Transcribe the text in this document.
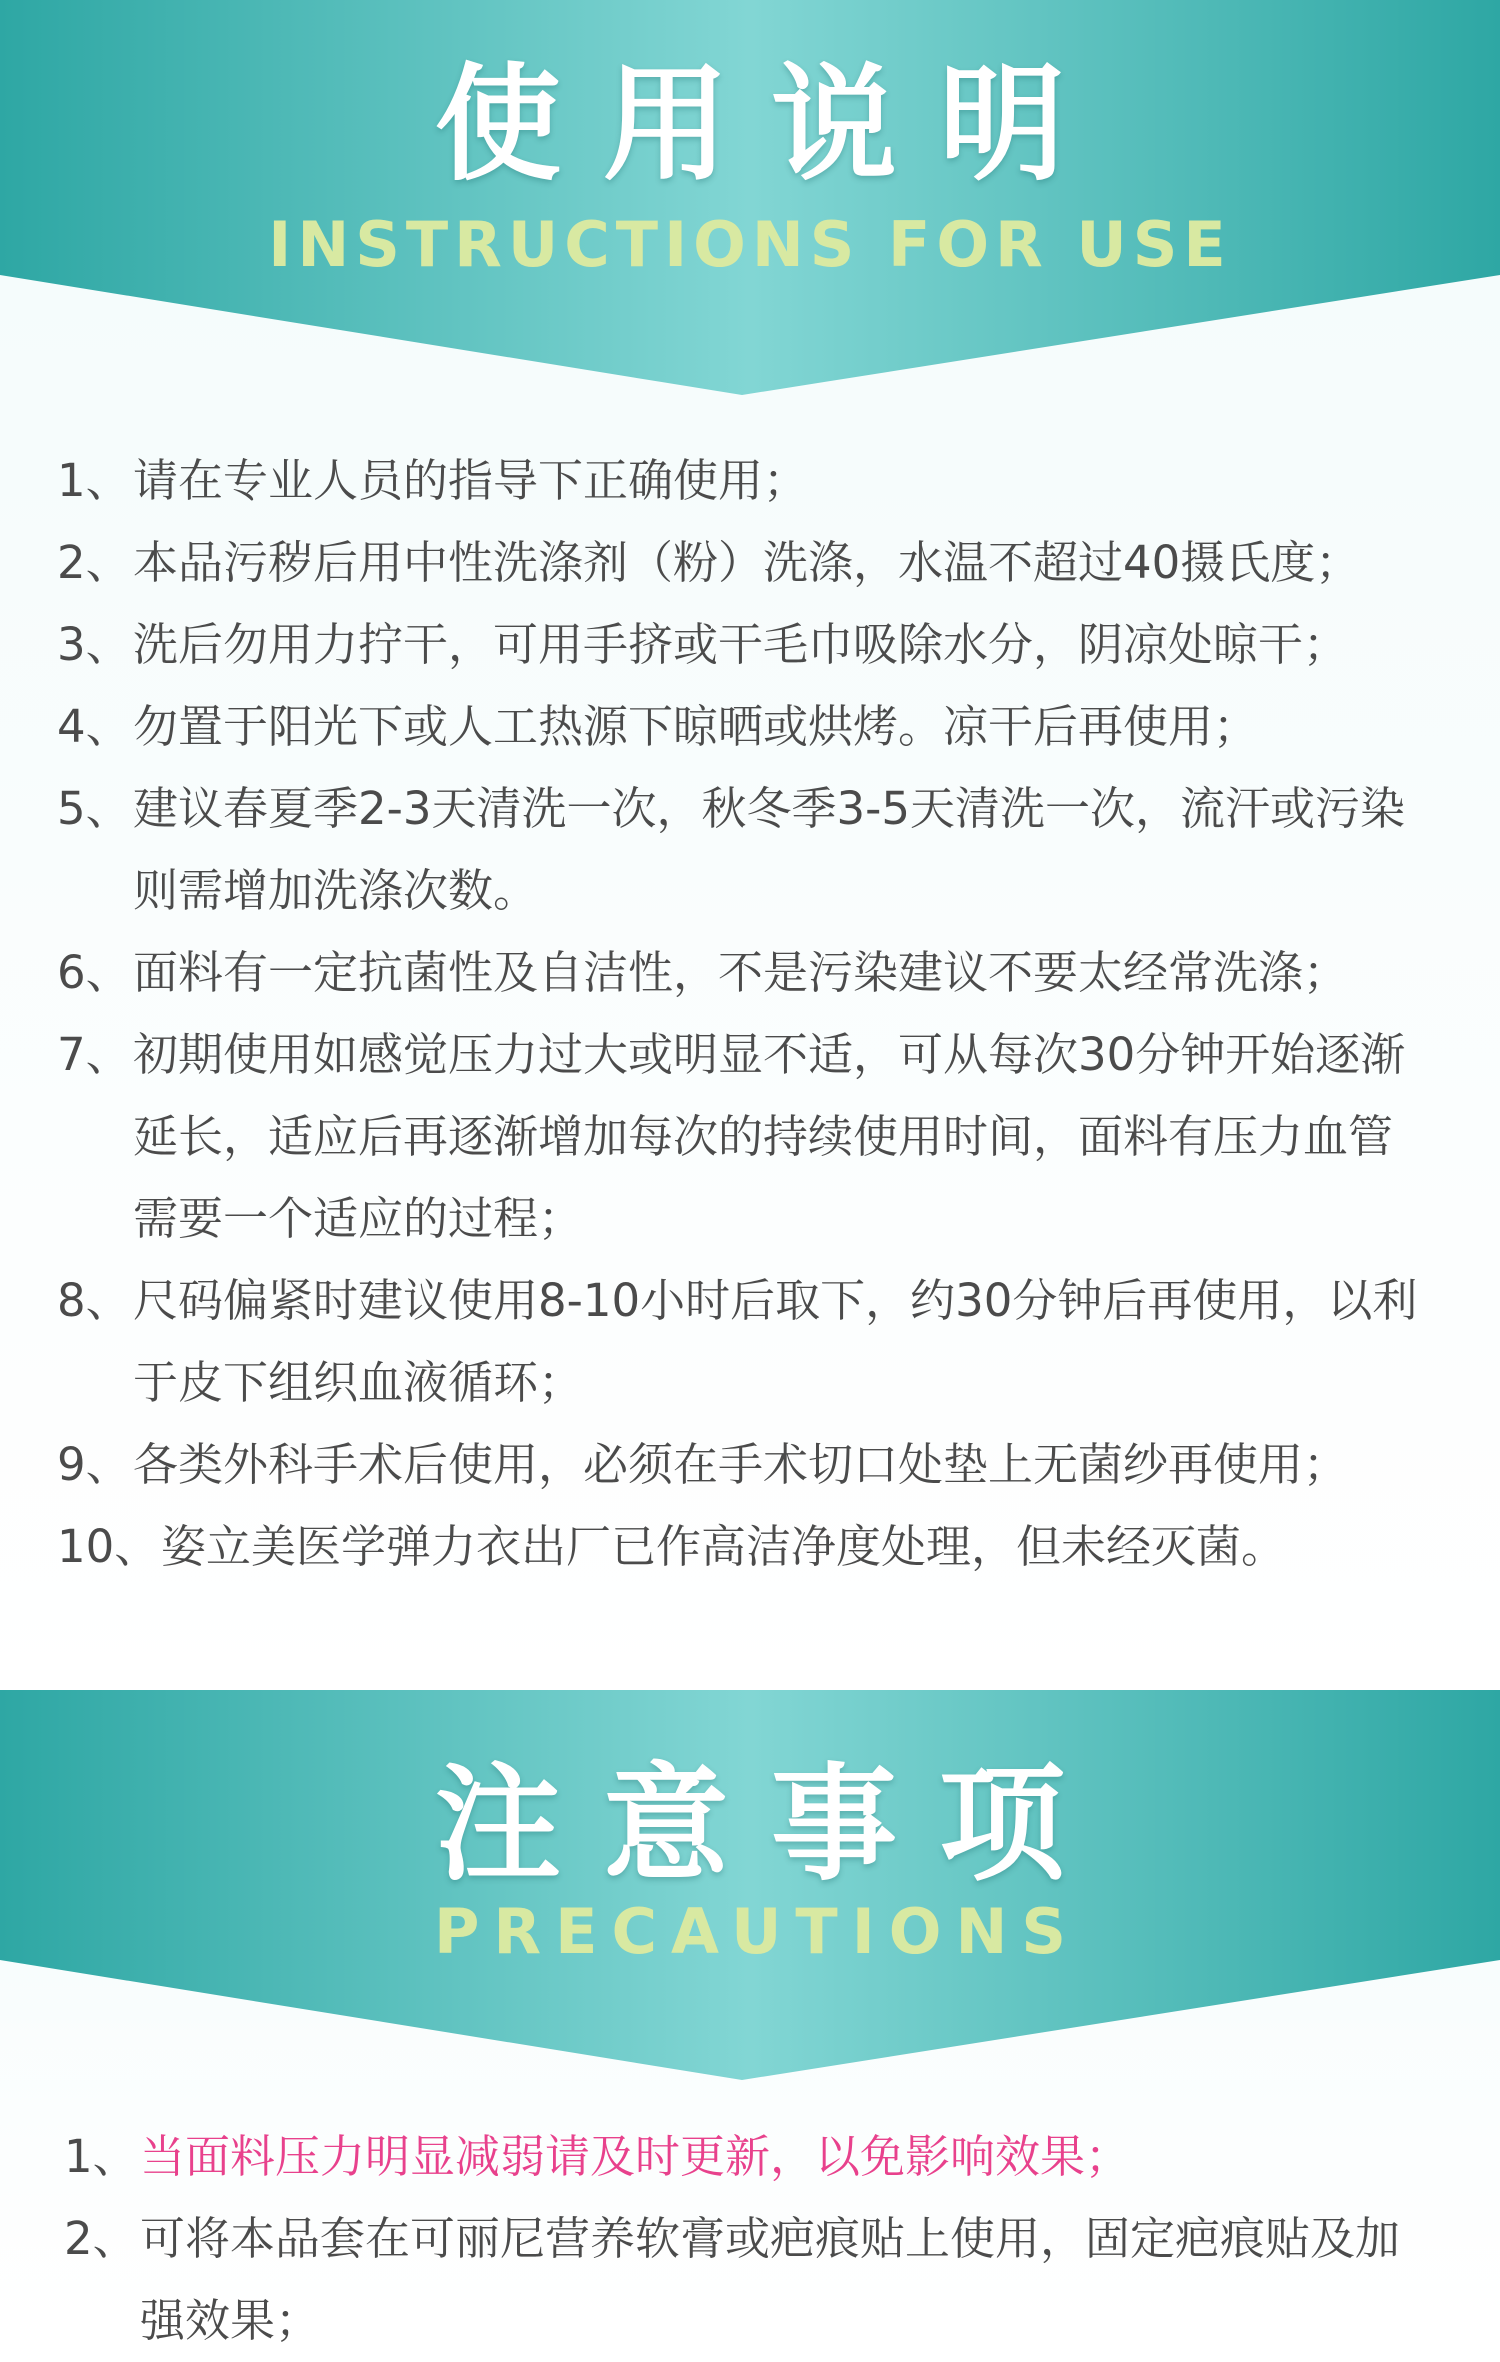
使用说明
INSTRUCTIONS FOR USE
1、 请在专业人员的指导下正确使用；
2、 本品污秽后用中性洗涤剂（粉）洗涤，水温不超过40摄氏度；
3、 洗后勿用力拧干，可用手挤或干毛巾吸除水分，阴凉处晾干；
4、 勿置于阳光下或人工热源下晾晒或烘烤。凉干后再使用；
5、 建议春夏季2-3天清洗一次，秋冬季3-5天清洗一次，流汗或污染则需增加洗涤次数。
6、 面料有一定抗菌性及自洁性，不是污染建议不要太经常洗涤；
7、 初期使用如感觉压力过大或明显不适，可从每次30分钟开始逐渐延长，适应后再逐渐增加每次的持续使用时间，面料有压力血管需要一个适应的过程；
8、 尺码偏紧时建议使用8-10小时后取下，约30分钟后再使用，以利于皮下组织血液循环；
9、 各类外科手术后使用，必须在手术切口处垫上无菌纱再使用；
10、 姿立美医学弹力衣出厂已作高洁净度处理，但未经灭菌。
注意事项
PRECAUTIONS
1、 当面料压力明显减弱请及时更新，以免影响效果；
2、 可将本品套在可丽尼营养软膏或疤痕贴上使用，固定疤痕贴及加强效果；
